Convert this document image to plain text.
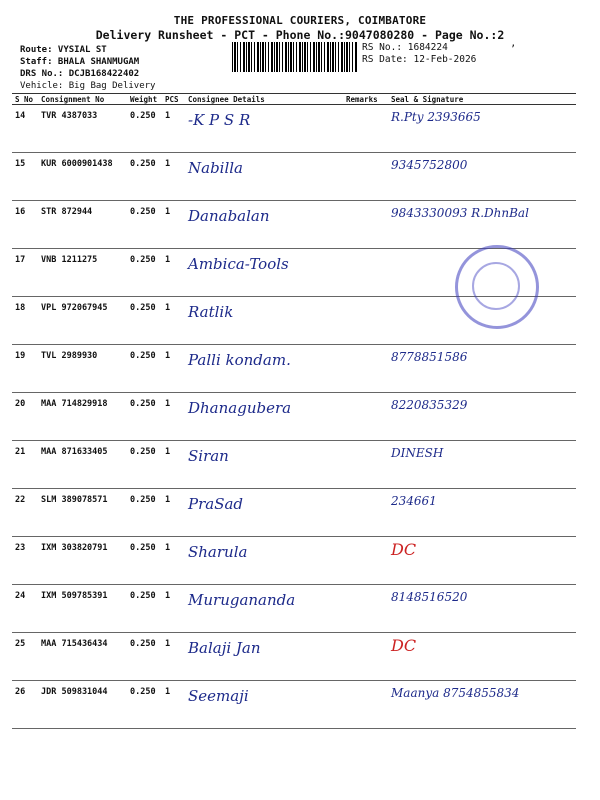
THE PROFESSIONAL COURIERS, COIMBATORE
Delivery Runsheet - PCT - Phone No.:9047080280 - Page No.:2
Route: VYSIAL ST
Staff: BHALA SHANMUGAM
DRS No.: DCJB168422402
Vehicle: Big Bag Delivery
RS No.: 1684224
RS Date: 12-Feb-2026
’
S No	Consignment No	Weight	PCS	Consignee Details	Remarks	Seal & Signature
14	TVR 4387033	0.250	1	-K P S R		R.Pty 2393665
15	KUR 6000901438	0.250	1	Nabilla		9345752800
16	STR 872944	0.250	1	Danabalan		9843330093 R.DhnBal
17	VNB 1211275	0.250	1	Ambica-Tools		
18	VPL 972067945	0.250	1	Ratlik		
19	TVL 2989930	0.250	1	Palli kondam.		8778851586
20	MAA 714829918	0.250	1	Dhanagubera		8220835329
21	MAA 871633405	0.250	1	Siran		DINESH
22	SLM 389078571	0.250	1	PraSad		234661
23	IXM 303820791	0.250	1	Sharula		DC
24	IXM 509785391	0.250	1	Murugananda		8148516520
25	MAA 715436434	0.250	1	Balaji Jan		DC
26	JDR 509831044	0.250	1	Seemaji		Maanya 8754855834
